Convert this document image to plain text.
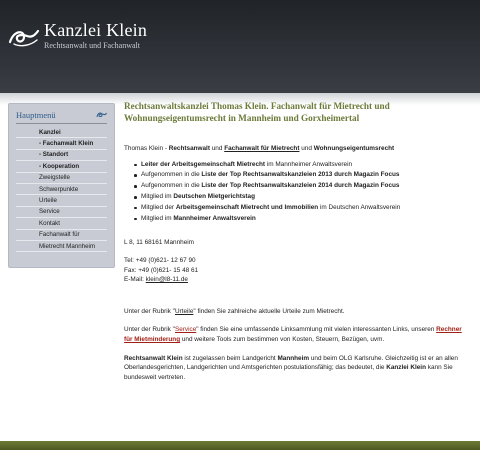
Kanzlei Klein
Rechtsanwalt und Fachanwalt
Hauptmenü
Kanzlei
- Fachanwalt Klein
- Standort
- Kooperation
Zweigstelle
Schwerpunkte
Urteile
Service
Kontakt
Fachanwalt für
Mietrecht Mannheim
Rechtsanwaltskanzlei Thomas Klein. Fachanwalt für Mietrecht und
Wohnungseigentumsrecht in Mannheim und Gorxheimertal
Thomas Klein - Rechtsanwalt und Fachanwalt für Mietrecht und Wohnungseigentumsrecht
Leiter der Arbeitsgemeinschaft Mietrecht im Mannheimer Anwaltsverein
Aufgenommen in die Liste der Top Rechtsanwaltskanzleien 2013 durch Magazin Focus
Aufgenommen in die Liste der Top Rechtsanwaltskanzleien 2014 durch Magazin Focus
Mitglied im Deutschen Mietgerichtstag
Mitglied der Arbeitsgemeinschaft Mietrecht und Immobilien im Deutschen Anwaltsverein
Mitglied im Mannheimer Anwaltsverein
L 8, 11 68161 Mannheim
Tel: +49 (0)621- 12 67 90
Fax: +49 (0)621- 15 48 61
E-Mail: klein@l8-11.de
Unter der Rubrik "Urteile" finden Sie zahlreiche aktuelle Urteile zum Mietrecht.
Unter der Rubrik "Service" finden Sie eine umfassende Linksammlung mit vielen interessanten Links, unseren Rechner
für Mietminderung und weitere Tools zum bestimmen von Kosten, Steuern, Bezügen, uvm.
Rechtsanwalt Klein ist zugelassen beim Landgericht Mannheim und beim OLG Karlsruhe. Gleichzeitig ist er an allen
Oberlandesgerichten, Landgerichten und Amtsgerichten postulationsfähig; das bedeutet, die Kanzlei Klein kann Sie
bundesweit vertreten.
